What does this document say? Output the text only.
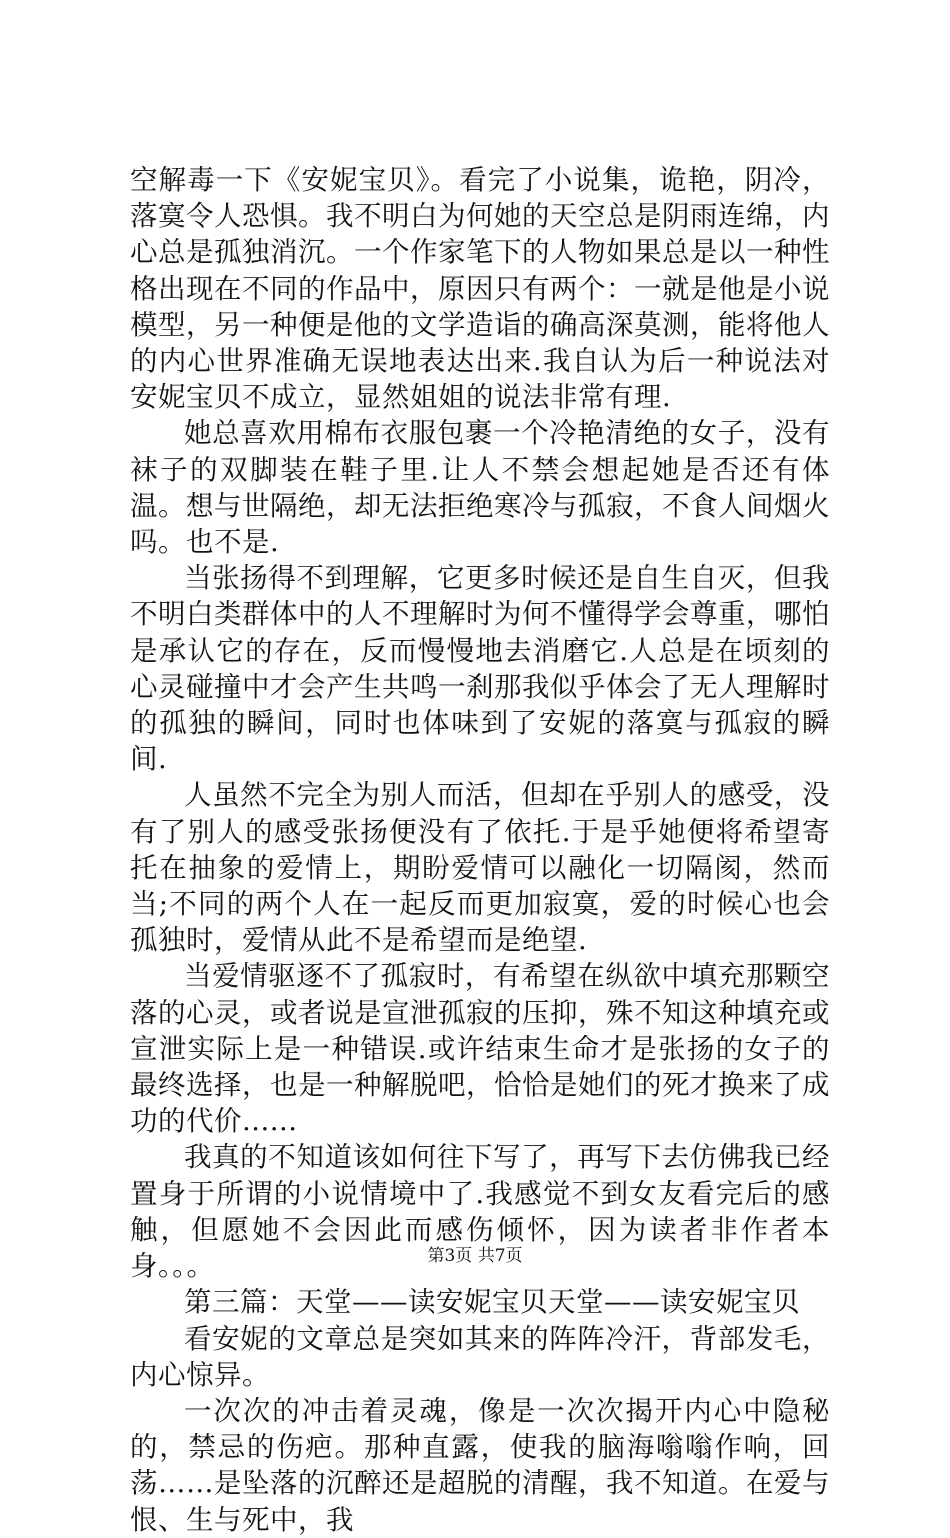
空解毒一下《安妮宝贝》。看完了小说集，诡艳，阴冷，落寞令人恐惧。我不明白为何她的天空总是阴雨连绵，内心总是孤独消沉。一个作家笔下的人物如果总是以一种性格出现在不同的作品中，原因只有两个：一就是他是小说模型，另一种便是他的文学造诣的确高深莫测，能将他人的内心世界准确无误地表达出来.我自认为后一种说法对安妮宝贝不成立，显然姐姐的说法非常有理.

她总喜欢用棉布衣服包裹一个冷艳清绝的女子，没有袜子的双脚装在鞋子里.让人不禁会想起她是否还有体温。想与世隔绝，却无法拒绝寒冷与孤寂，不食人间烟火吗。也不是.

当张扬得不到理解，它更多时候还是自生自灭，但我不明白类群体中的人不理解时为何不懂得学会尊重，哪怕是承认它的存在，反而慢慢地去消磨它.人总是在顷刻的心灵碰撞中才会产生共鸣一刹那我似乎体会了无人理解时的孤独的瞬间，同时也体味到了安妮的落寞与孤寂的瞬间.

人虽然不完全为别人而活，但却在乎别人的感受，没有了别人的感受张扬便没有了依托.于是乎她便将希望寄托在抽象的爱情上，期盼爱情可以融化一切隔阂，然而当;不同的两个人在一起反而更加寂寞，爱的时候心也会孤独时，爱情从此不是希望而是绝望.

当爱情驱逐不了孤寂时，有希望在纵欲中填充那颗空落的心灵，或者说是宣泄孤寂的压抑，殊不知这种填充或宣泄实际上是一种错误.或许结束生命才是张扬的女子的最终选择，也是一种解脱吧，恰恰是她们的死才换来了成功的代价......

我真的不知道该如何往下写了，再写下去仿佛我已经置身于所谓的小说情境中了.我感觉不到女友看完后的感触，但愿她不会因此而感伤倾怀，因为读者非作者本身。。。

第三篇：天堂——读安妮宝贝天堂——读安妮宝贝

看安妮的文章总是突如其来的阵阵冷汗，背部发毛，内心惊异。

一次次的冲击着灵魂，像是一次次揭开内心中隐秘的，禁忌的伤疤。那种直露，使我的脑海嗡嗡作响，回荡……是坠落的沉醉还是超脱的清醒，我不知道。在爱与恨、生与死中，我

第3页 共7页
